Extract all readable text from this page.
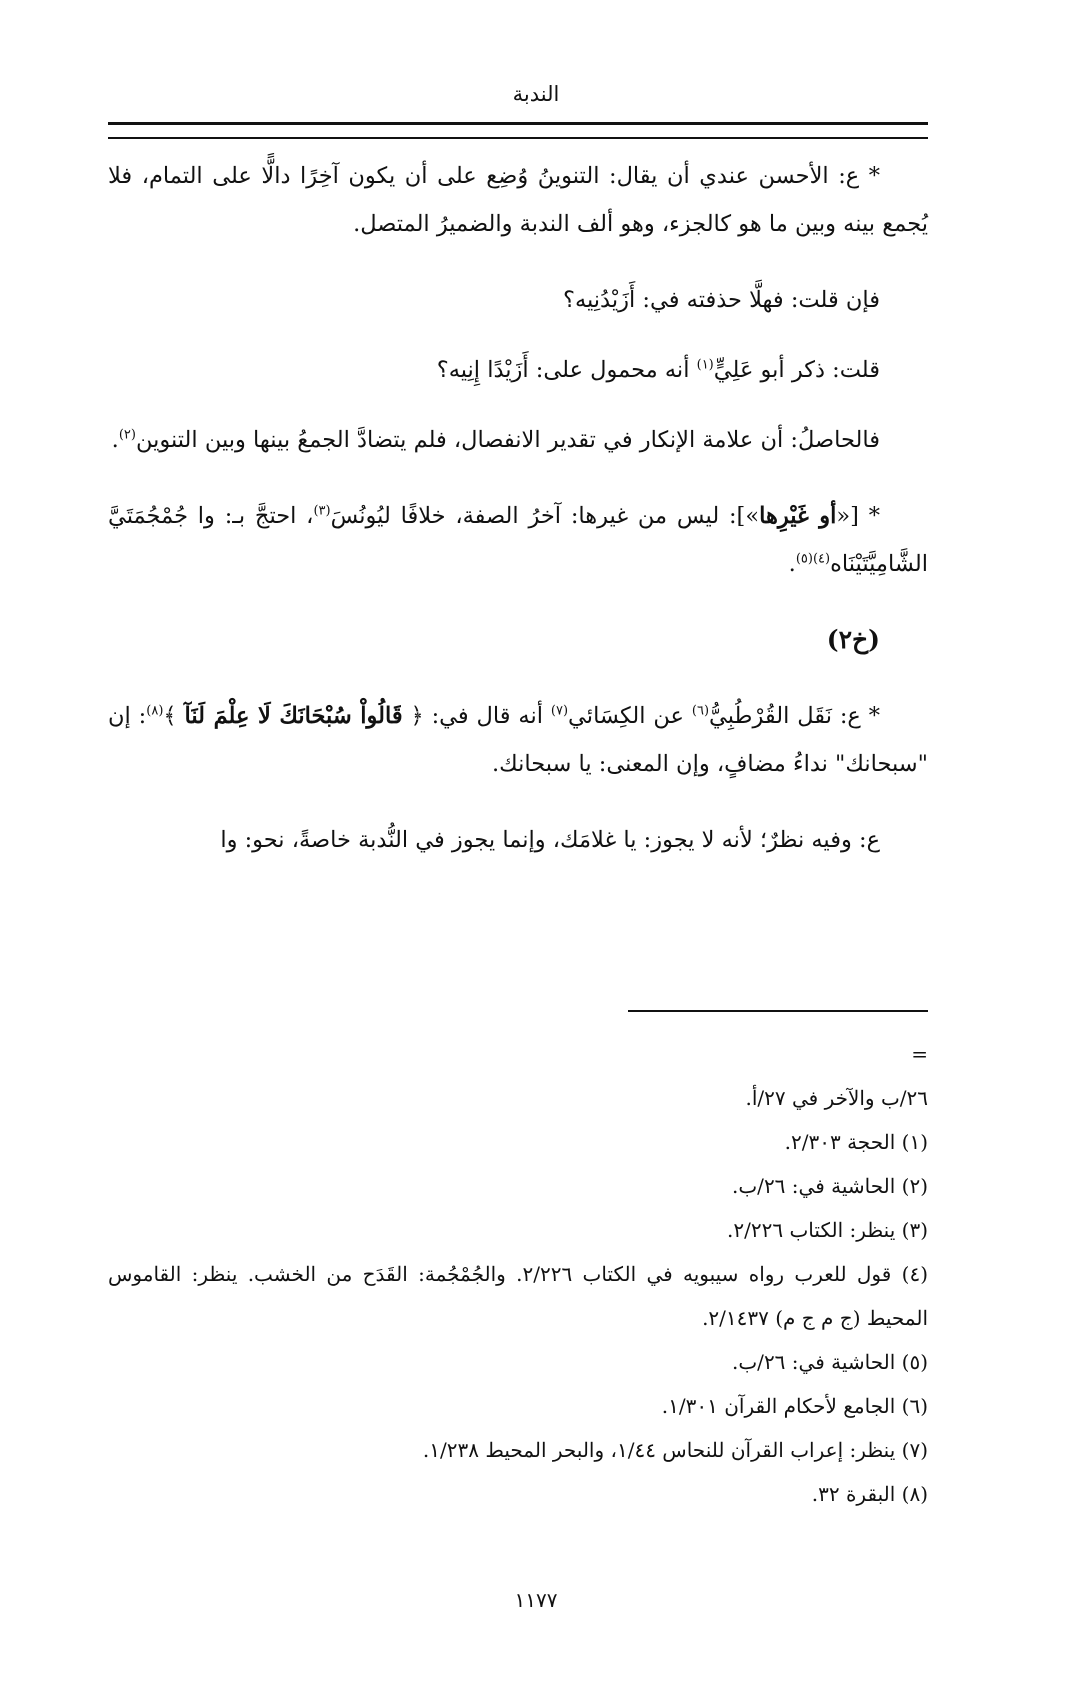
الندبة

* ع: الأحسن عندي أن يقال: التنوينُ وُضِع على أن يكون آخِرًا دالًّا على التمام، فلا يُجمع بينه وبين ما هو كالجزء، وهو ألف الندبة والضميرُ المتصل.

فإن قلت: فهلَّا حذفته في: أَزَيْدُنِيه؟

قلت: ذكر أبو عَلِيٍّ$^{(١)}$ أنه محمول على: أَزَيْدًا إِنِيه؟

فالحاصلُ: أن علامة الإنكار في تقدير الانفصال، فلم يتضادَّ الجمعُ بينها وبين التنوين$^{(٢)}$.

* [«أو غَيْرِها»]: ليس من غيرها: آخرُ الصفة، خلافًا ليُونُسَ$^{(٣)}$، احتجَّ بـ: وا جُمْجُمَتَيَّ الشَّامِيَّتَيْنَاه$^{(٤)(٥)}$.

(خ٢)

* ع: نَقَل القُرْطُبِيُّ$^{(٦)}$ عن الكِسَائي$^{(٧)}$ أنه قال في: ﴿ قَالُواْ سُبْحَانَكَ لَا عِلْمَ لَنَآ ﴾$^{(٨)}$: إن "سبحانك" نداءُ مضافٍ، وإن المعنى: يا سبحانك.

ع: وفيه نظرٌ؛ لأنه لا يجوز: يا غلامَك، وإنما يجوز في النُّدبة خاصةً، نحو: وا

=

٢٦/ب والآخر في ٢٧/أ.

(١) الحجة ٢/٣٠٣.

(٢) الحاشية في: ٢٦/ب.

(٣) ينظر: الكتاب ٢/٢٢٦.

(٤) قول للعرب رواه سيبويه في الكتاب ٢/٢٢٦. والجُمْجُمة: القَدَح من الخشب. ينظر: القاموس المحيط (ج م ج م) ٢/١٤٣٧.

(٥) الحاشية في: ٢٦/ب.

(٦) الجامع لأحكام القرآن ١/٣٠١.

(٧) ينظر: إعراب القرآن للنحاس ١/٤٤، والبحر المحيط ١/٢٣٨.

(٨) البقرة ٣٢.

١١٧٧
